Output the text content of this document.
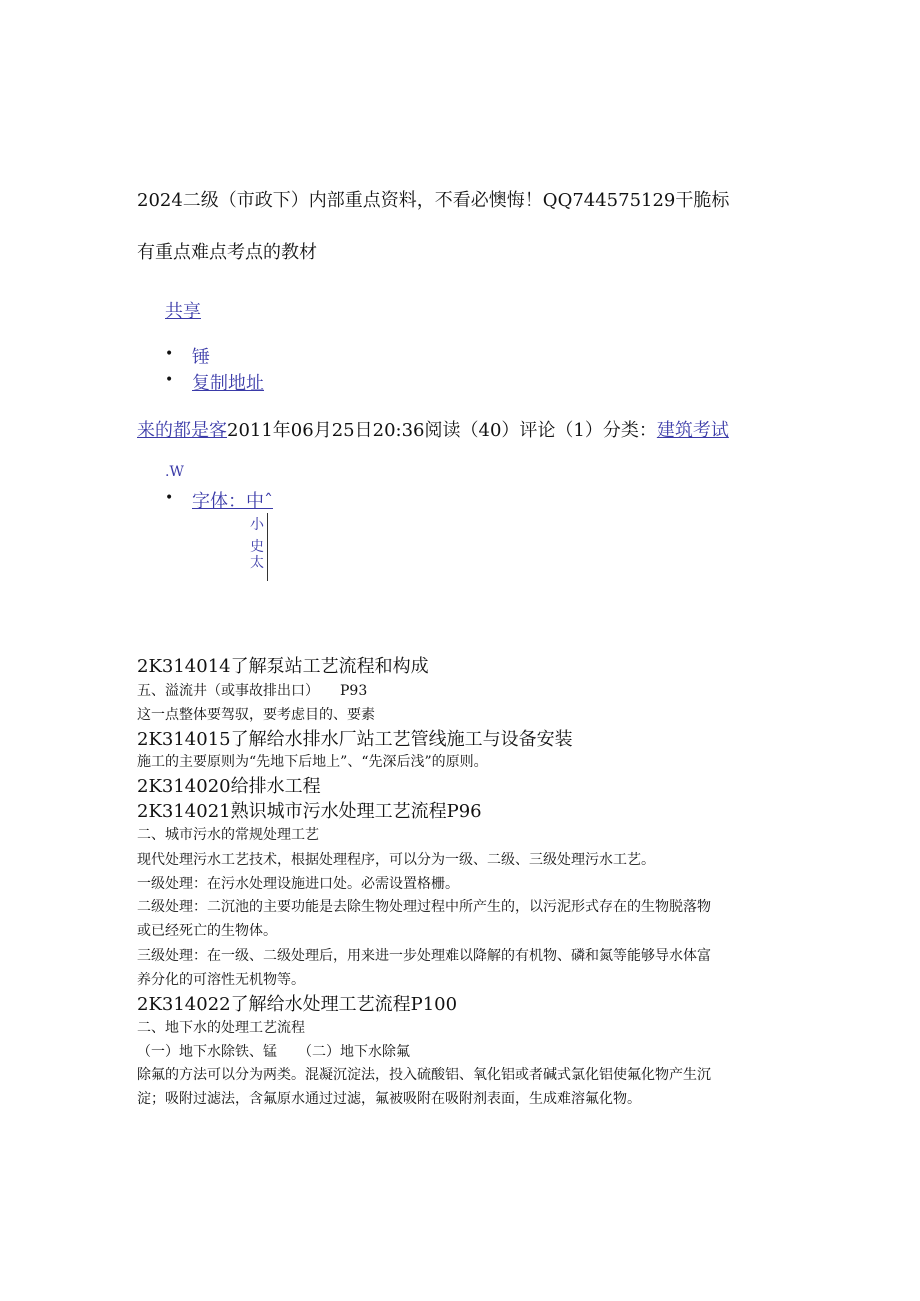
2024二级（市政下）内部重点资料，不看必懊悔！QQ744575129干脆标
有重点难点考点的教材
共享
• 锤
• 复制地址
来的都是客2011年06月25日20:36阅读（40）评论（1）分类：建筑考试
.W
• 字体：中ˆ
小
史
太
2K314014了解泵站工艺流程和构成
五、溢流井（或事故排出口）　　P93
这一点整体要驾驭，要考虑目的、要素
2K314015了解给水排水厂站工艺管线施工与设备安装
施工的主要原则为“先地下后地上”、“先深后浅”的原则。
2K314020给排水工程
2K314021熟识城市污水处理工艺流程P96
二、城市污水的常规处理工艺
现代处理污水工艺技术，根据处理程序，可以分为一级、二级、三级处理污水工艺。
一级处理：在污水处理设施进口处。必需设置格栅。
二级处理：二沉池的主要功能是去除生物处理过程中所产生的，以污泥形式存在的生物脱落物
或已经死亡的生物体。
三级处理：在一级、二级处理后，用来进一步处理难以降解的有机物、磷和氮等能够导水体富
养分化的可溶性无机物等。
2K314022了解给水处理工艺流程P100
二、地下水的处理工艺流程
（一）地下水除铁、锰　　（二）地下水除氟
除氟的方法可以分为两类。混凝沉淀法，投入硫酸铝、氧化铝或者碱式氯化铝使氟化物产生沉
淀；吸附过滤法，含氟原水通过过滤，氟被吸附在吸附剂表面，生成难溶氟化物。
